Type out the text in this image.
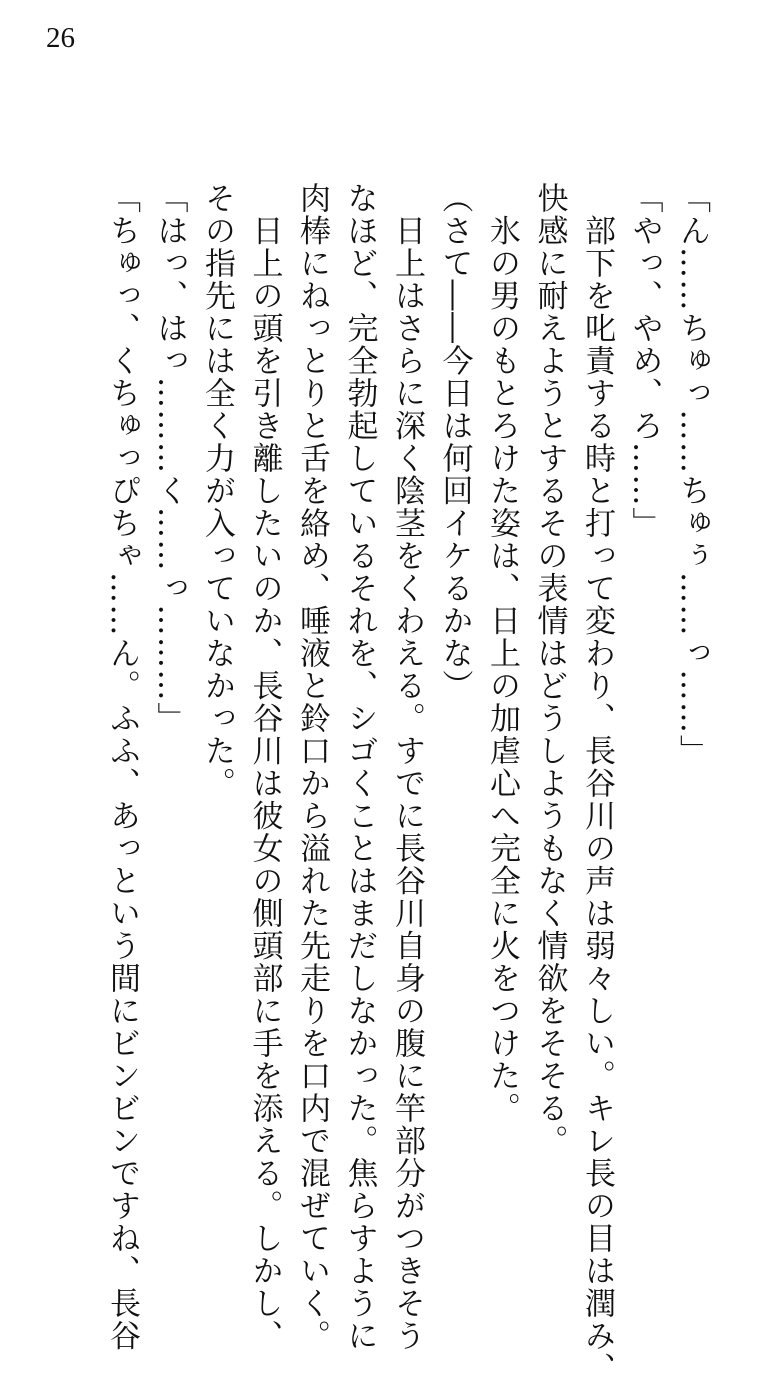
26

「ん……ちゅっ……ちゅぅ……っ……」

「やっ、やめ、ろ……」

　部下を叱責する時と打って変わり、長谷川の声は弱々しい。キレ長の目は潤み、

快感に耐えようとするその表情はどうしようもなく情欲をそそる。

　氷の男のもとろけた姿は、日上の加虐心へ完全に火をつけた。

（さて――今日は何回イケるかな）

　日上はさらに深く陰茎をくわえる。すでに長谷川自身の腹に竿部分がつきそう

なほど、完全勃起しているそれを、シゴくことはまだしなかった。焦らすように

肉棒にねっとりと舌を絡め、唾液と鈴口から溢れた先走りを口内で混ぜていく。

　日上の頭を引き離したいのか、長谷川は彼女の側頭部に手を添える。しかし、

その指先には全く力が入っていなかった。

「はっ、はっ………く……っ………」

「ちゅっ、くちゅっぴちゃ……ん。ふふ、あっという間にビンビンですね、長谷
